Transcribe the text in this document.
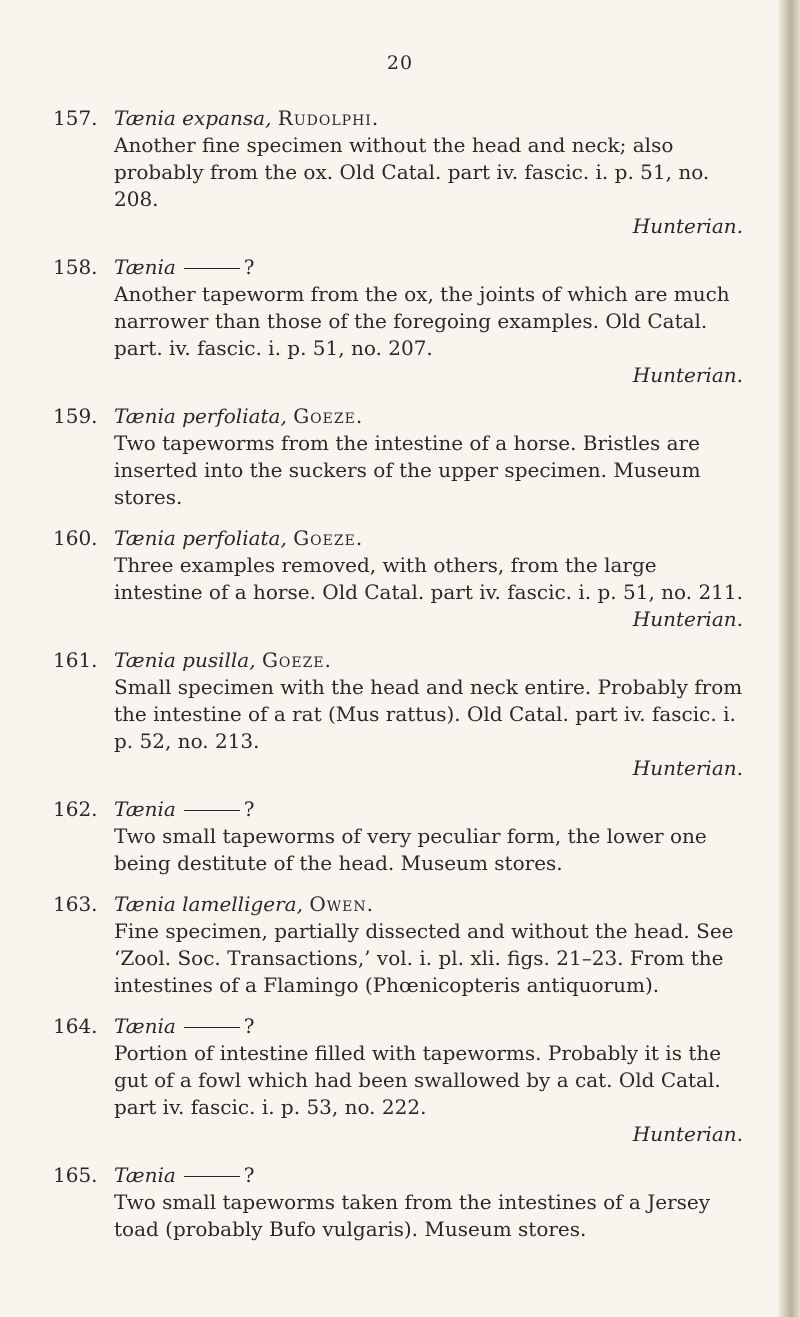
20
157. Tænia expansa, Rudolphi.
Another fine specimen without the head and neck; also probably from the ox. Old Catal. part iv. fascic. i. p. 51, no. 208.
Hunterian.
158. Tænia	?
Another tapeworm from the ox, the joints of which are much narrower than those of the foregoing examples. Old Catal. part. iv. fascic. i. p. 51, no. 207.
Hunterian.
159. Tænia perfoliata, Goeze.
Two tapeworms from the intestine of a horse. Bristles are inserted into the suckers of the upper specimen. Museum stores.
160. Tænia perfoliata, Goeze.
Three examples removed, with others, from the large intestine of a horse. Old Catal. part iv. fascic. i. p. 51, no. 211.
Hunterian.
161. Tænia pusilla, Goeze.
Small specimen with the head and neck entire. Probably from the intestine of a rat (Mus rattus). Old Catal. part iv. fascic. i. p. 52, no. 213.
Hunterian.
162. Tænia	?
Two small tapeworms of very peculiar form, the lower one being destitute of the head. Museum stores.
163. Tænia lamelligera, Owen.
Fine specimen, partially dissected and without the head. See ‘Zool. Soc. Transactions,’ vol. i. pl. xli. figs. 21–23. From the intestines of a Flamingo (Phœnicopteris antiquorum).
164. Tænia	?
Portion of intestine filled with tapeworms. Probably it is the gut of a fowl which had been swallowed by a cat. Old Catal. part iv. fascic. i. p. 53, no. 222.
Hunterian.
165. Tænia	?
Two small tapeworms taken from the intestines of a Jersey toad (probably Bufo vulgaris). Museum stores.
